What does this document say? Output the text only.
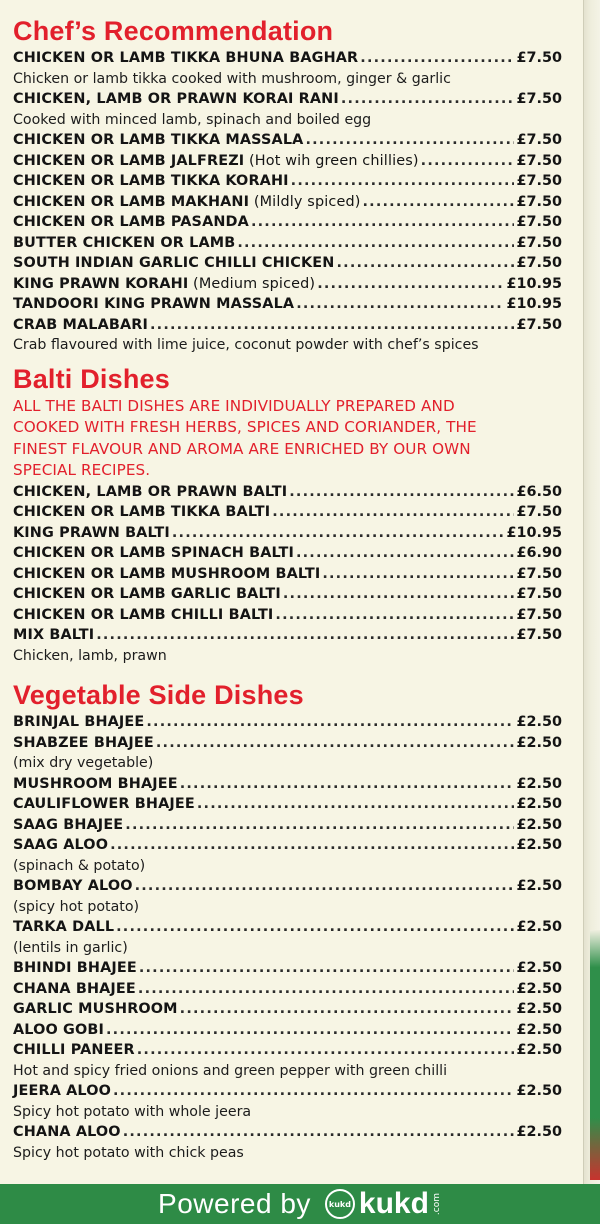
Chef’s Recommendation
CHICKEN OR LAMB TIKKA BHUNA BAGHAR .....	£7.50
Chicken or lamb tikka cooked with mushroom, ginger & garlic
CHICKEN, LAMB OR PRAWN KORAI RANI .....	£7.50
Cooked with minced lamb, spinach and boiled egg
CHICKEN OR LAMB TIKKA MASSALA .....	£7.50
CHICKEN OR LAMB JALFREZI (Hot wih green chillies) .....	£7.50
CHICKEN OR LAMB TIKKA KORAHI .....	£7.50
CHICKEN OR LAMB MAKHANI (Mildly spiced) .....	£7.50
CHICKEN OR LAMB PASANDA .....	£7.50
BUTTER CHICKEN OR LAMB .....	£7.50
SOUTH INDIAN GARLIC CHILLI CHICKEN .....	£7.50
KING PRAWN KORAHI (Medium spiced) .....	£10.95
TANDOORI KING PRAWN MASSALA .....	£10.95
CRAB MALABARI .....	£7.50
Crab flavoured with lime juice, coconut powder with chef’s spices
Balti Dishes
ALL THE BALTI DISHES ARE INDIVIDUALLY PREPARED AND
COOKED WITH FRESH HERBS, SPICES AND CORIANDER, THE
FINEST FLAVOUR AND AROMA ARE ENRICHED BY OUR OWN
SPECIAL RECIPES.
CHICKEN, LAMB OR PRAWN BALTI .....	£6.50
CHICKEN OR LAMB TIKKA BALTI .....	£7.50
KING PRAWN BALTI .....	£10.95
CHICKEN OR LAMB SPINACH BALTI .....	£6.90
CHICKEN OR LAMB MUSHROOM BALTI .....	£7.50
CHICKEN OR LAMB GARLIC BALTI .....	£7.50
CHICKEN OR LAMB CHILLI BALTI .....	£7.50
MIX BALTI .....	£7.50
Chicken, lamb, prawn
Vegetable Side Dishes
BRINJAL BHAJEE .....	£2.50
SHABZEE BHAJEE .....	£2.50
(mix dry vegetable)
MUSHROOM BHAJEE .....	£2.50
CAULIFLOWER BHAJEE .....	£2.50
SAAG BHAJEE .....	£2.50
SAAG ALOO .....	£2.50
(spinach & potato)
BOMBAY ALOO .....	£2.50
(spicy hot potato)
TARKA DALL .....	£2.50
(lentils in garlic)
BHINDI BHAJEE .....	£2.50
CHANA BHAJEE .....	£2.50
GARLIC MUSHROOM .....	£2.50
ALOO GOBI .....	£2.50
CHILLI PANEER .....	£2.50
Hot and spicy fried onions and green pepper with green chilli
JEERA ALOO .....	£2.50
Spicy hot potato with whole jeera
CHANA ALOO .....	£2.50
Spicy hot potato with chick peas
Powered by	kukd kukd .com
